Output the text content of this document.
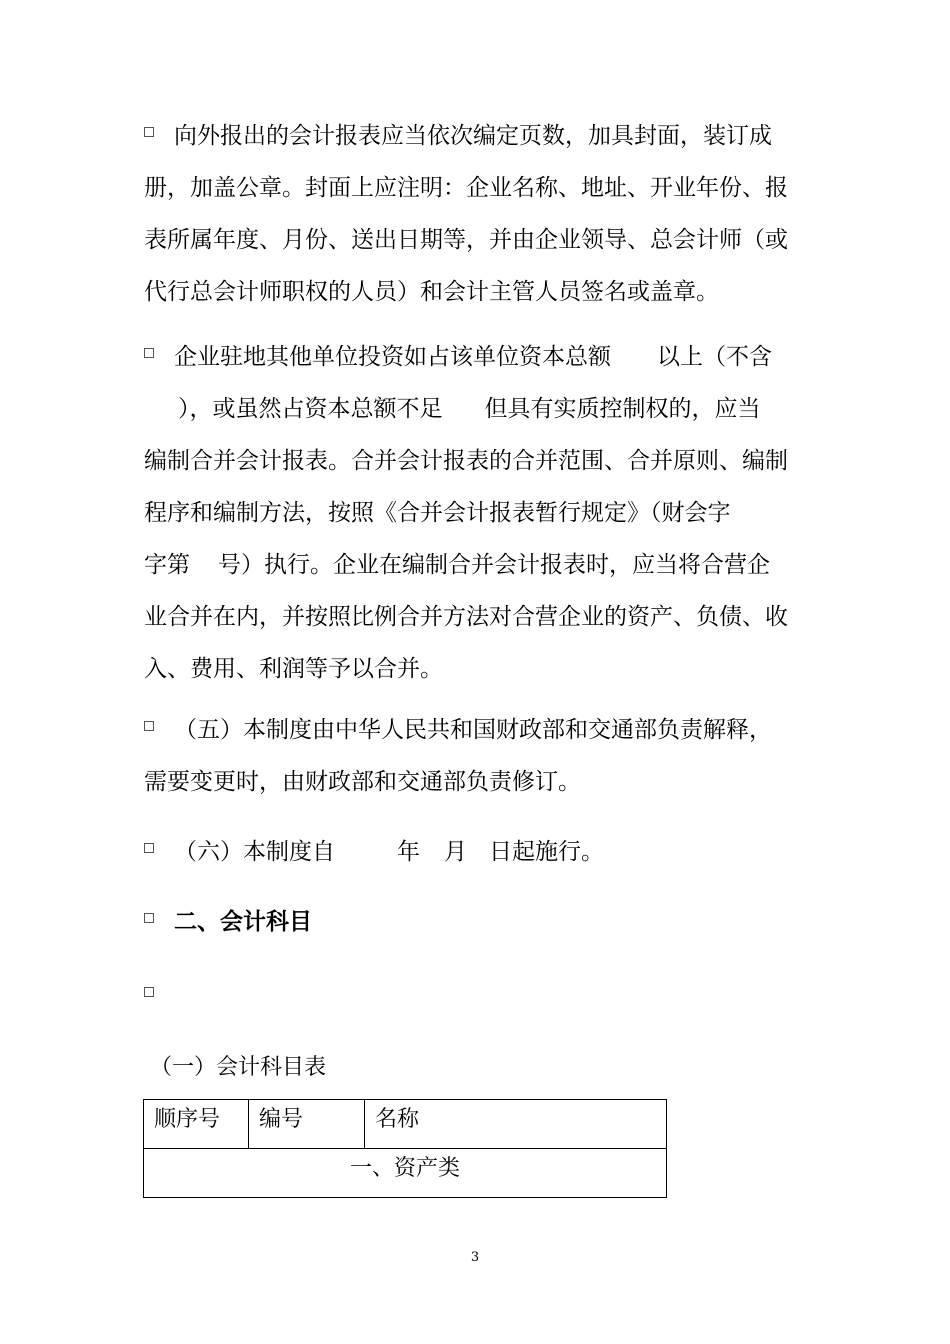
向外报出的会计报表应当依次编定页数，加具封面，装订成
册，加盖公章。封面上应注明：企业名称、地址、开业年份、报
表所属年度、月份、送出日期等，并由企业领导、总会计师（或
代行总会计师职权的人员）和会计主管人员签名或盖章。
企业驻地其他单位投资如占该单位资本总额 以上（不含
），或虽然占资本总额不足 但具有实质控制权的，应当
编制合并会计报表。合并会计报表的合并范围、合并原则、编制
程序和编制方法，按照《合并会计报表暂行规定》（财会字
字第 号）执行。企业在编制合并会计报表时，应当将合营企
业合并在内，并按照比例合并方法对合营企业的资产、负债、收
入、费用、利润等予以合并。
（五）本制度由中华人民共和国财政部和交通部负责解释，
需要变更时，由财政部和交通部负责修订。
（六）本制度自	年 月 日起施行。
二、会计科目
（一）会计科目表
顺序号	编号	名称
一、资产类
3
